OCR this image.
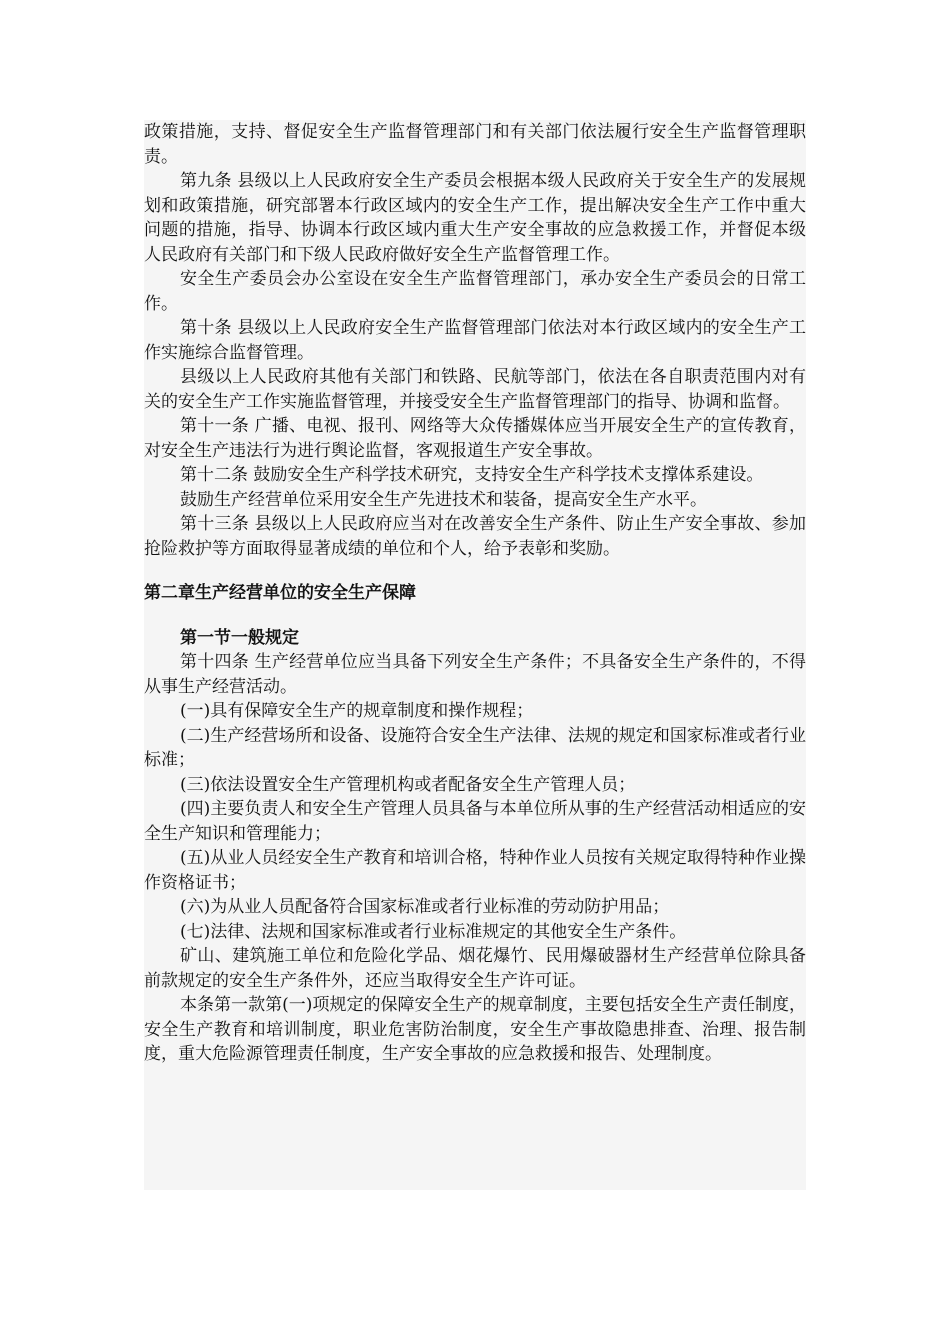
政策措施，支持、督促安全生产监督管理部门和有关部门依法履行安全生产监督管理职责。

第九条 县级以上人民政府安全生产委员会根据本级人民政府关于安全生产的发展规划和政策措施，研究部署本行政区域内的安全生产工作，提出解决安全生产工作中重大问题的措施，指导、协调本行政区域内重大生产安全事故的应急救援工作，并督促本级人民政府有关部门和下级人民政府做好安全生产监督管理工作。

安全生产委员会办公室设在安全生产监督管理部门，承办安全生产委员会的日常工作。

第十条 县级以上人民政府安全生产监督管理部门依法对本行政区域内的安全生产工作实施综合监督管理。

县级以上人民政府其他有关部门和铁路、民航等部门，依法在各自职责范围内对有关的安全生产工作实施监督管理，并接受安全生产监督管理部门的指导、协调和监督。

第十一条 广播、电视、报刊、网络等大众传播媒体应当开展安全生产的宣传教育，对安全生产违法行为进行舆论监督，客观报道生产安全事故。

第十二条 鼓励安全生产科学技术研究，支持安全生产科学技术支撑体系建设。

鼓励生产经营单位采用安全生产先进技术和装备，提高安全生产水平。

第十三条 县级以上人民政府应当对在改善安全生产条件、防止生产安全事故、参加抢险救护等方面取得显著成绩的单位和个人，给予表彰和奖励。

第二章生产经营单位的安全生产保障

第一节一般规定

第十四条 生产经营单位应当具备下列安全生产条件；不具备安全生产条件的，不得从事生产经营活动。

(一)具有保障安全生产的规章制度和操作规程；

(二)生产经营场所和设备、设施符合安全生产法律、法规的规定和国家标准或者行业标准；

(三)依法设置安全生产管理机构或者配备安全生产管理人员；

(四)主要负责人和安全生产管理人员具备与本单位所从事的生产经营活动相适应的安全生产知识和管理能力；

(五)从业人员经安全生产教育和培训合格，特种作业人员按有关规定取得特种作业操作资格证书；

(六)为从业人员配备符合国家标准或者行业标准的劳动防护用品；

(七)法律、法规和国家标准或者行业标准规定的其他安全生产条件。

矿山、建筑施工单位和危险化学品、烟花爆竹、民用爆破器材生产经营单位除具备前款规定的安全生产条件外，还应当取得安全生产许可证。

本条第一款第(一)项规定的保障安全生产的规章制度，主要包括安全生产责任制度，安全生产教育和培训制度，职业危害防治制度，安全生产事故隐患排查、治理、报告制度，重大危险源管理责任制度，生产安全事故的应急救援和报告、处理制度。
